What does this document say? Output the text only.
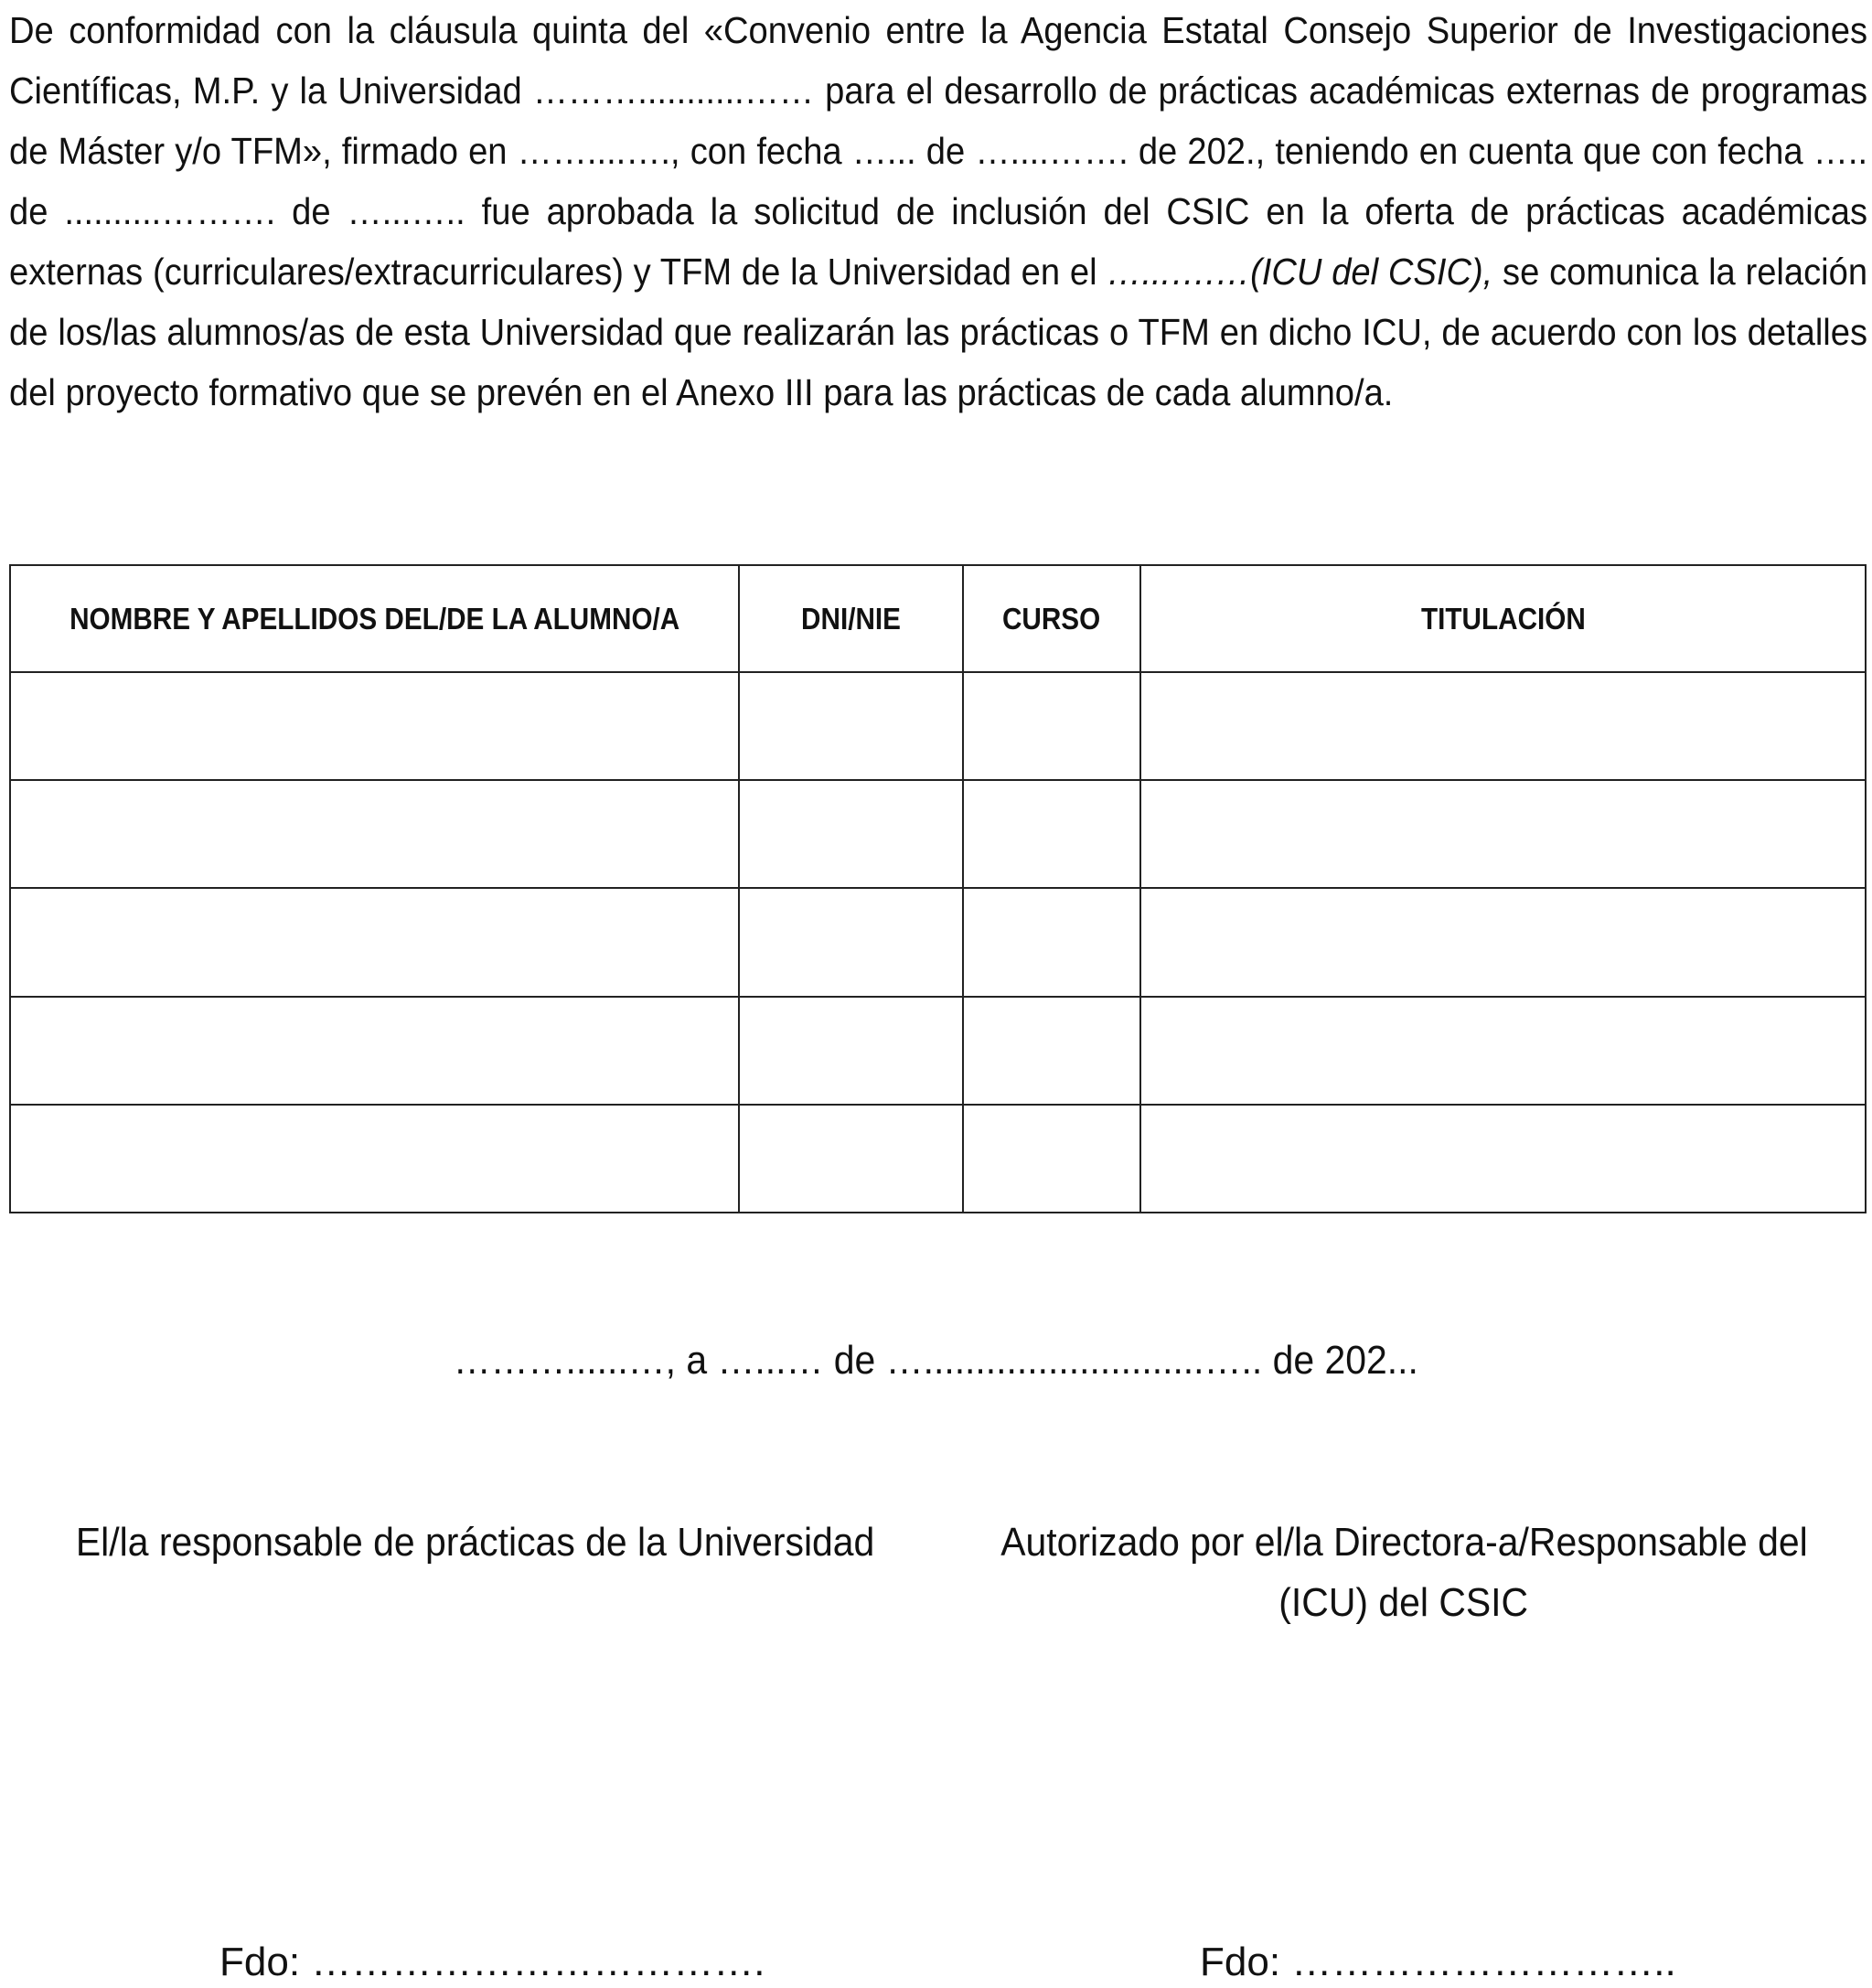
De conformidad con la cláusula quinta del «Convenio entre la Agencia Estatal Consejo Superior de Investigaciones Científicas, M.P. y la Universidad ………...........…… para el desarrollo de prácticas académicas externas de programas de Máster y/o TFM», firmado en ……....…., con fecha …... de …....……. de 202., teniendo en cuenta que con fecha ….. de ..........………. de …...….. fue aprobada la solicitud de inclusión del CSIC en la oferta de prácticas académicas externas (curriculares/extracurriculares) y TFM de la Universidad en el …...….…(ICU del CSIC), se comunica la relación de los/las alumnos/as de esta Universidad que realizarán las prácticas o TFM en dicho ICU, de acuerdo con los detalles del proyecto formativo que se prevén en el Anexo III para las prácticas de cada alumno/a.

NOMBRE Y APELLIDOS DEL/DE LA ALUMNO/A	DNI/NIE	CURSO	TITULACIÓN

………......…, a …...… de …...........................….. de 202...
El/la responsable de prácticas de la Universidad	Autorizado por el/la Directora-a/Responsable del
(ICU) del CSIC
Fdo: …………………………….	Fdo: ………………………..
